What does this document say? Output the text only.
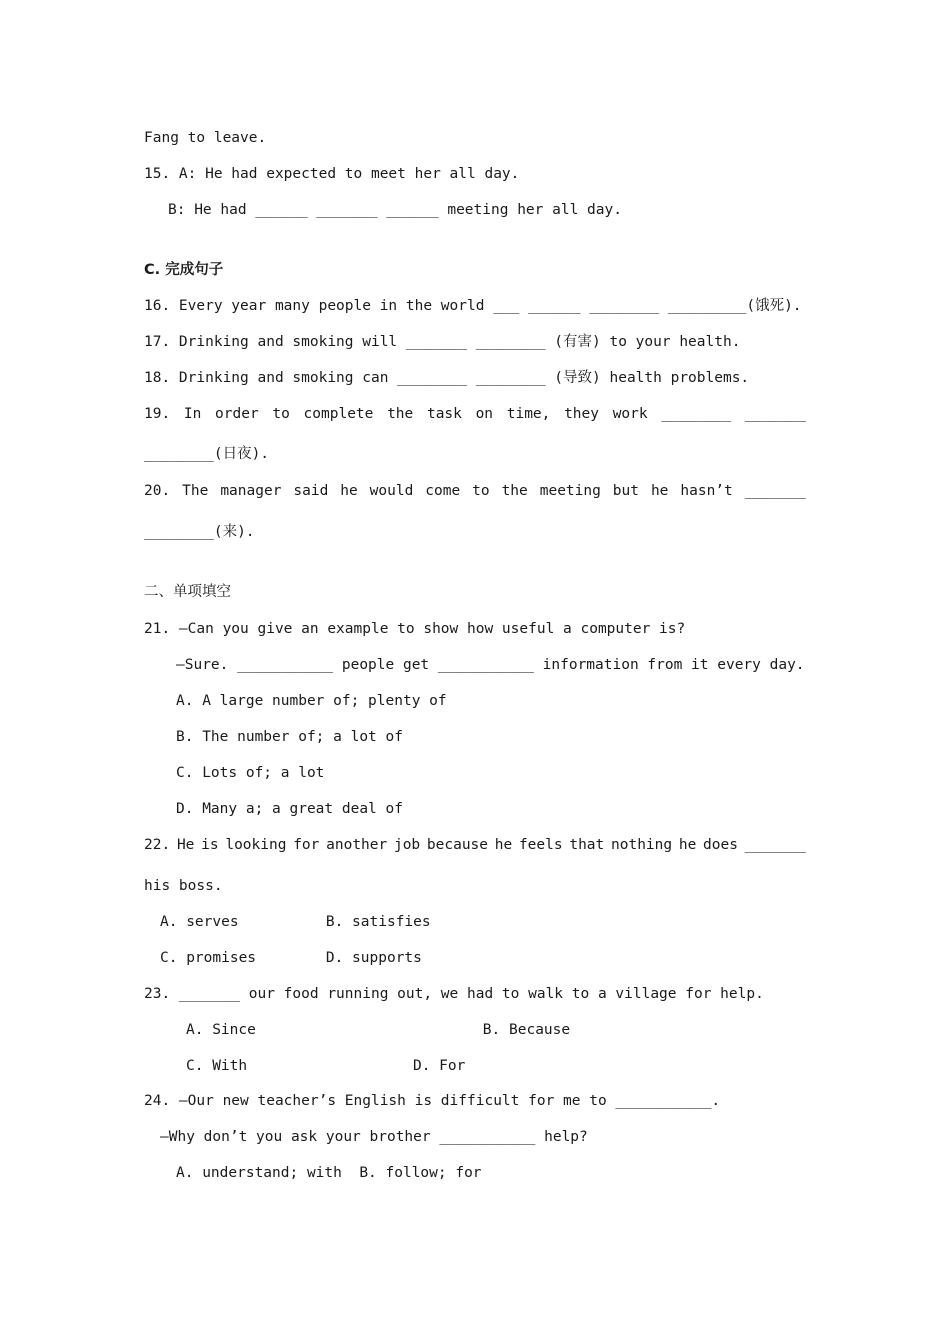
Fang to leave.
15. A: He had expected to meet her all day.
B: He had ______ _______ ______ meeting her all day.
C. 完成句子
16. Every year many people in the world ___ ______ ________ _________(饿死).
17. Drinking and smoking will _______ ________ (有害) to your health.
18. Drinking and smoking can ________ ________ (导致) health problems.
19. In order to complete the task on time, they work ________ _______
________(日夜).
20. The manager said he would come to the meeting but he hasn’t _______
________(来).
二、单项填空
21. —Can you give an example to show how useful a computer is?
—Sure. ___________ people get ___________ information from it every day.
A. A large number of; plenty of
B. The number of; a lot of
C. Lots of; a lot
D. Many a; a great deal of
22. He is looking for another job because he feels that nothing he does _______
his boss.
A. serves          B. satisfies
C. promises        D. supports
23. _______ our food running out, we had to walk to a village for help.
A. Since                          B. Because
C. With                   D. For
24. —Our new teacher’s English is difficult for me to ___________.
—Why don’t you ask your brother ___________ help?
A. understand; with  B. follow; for
